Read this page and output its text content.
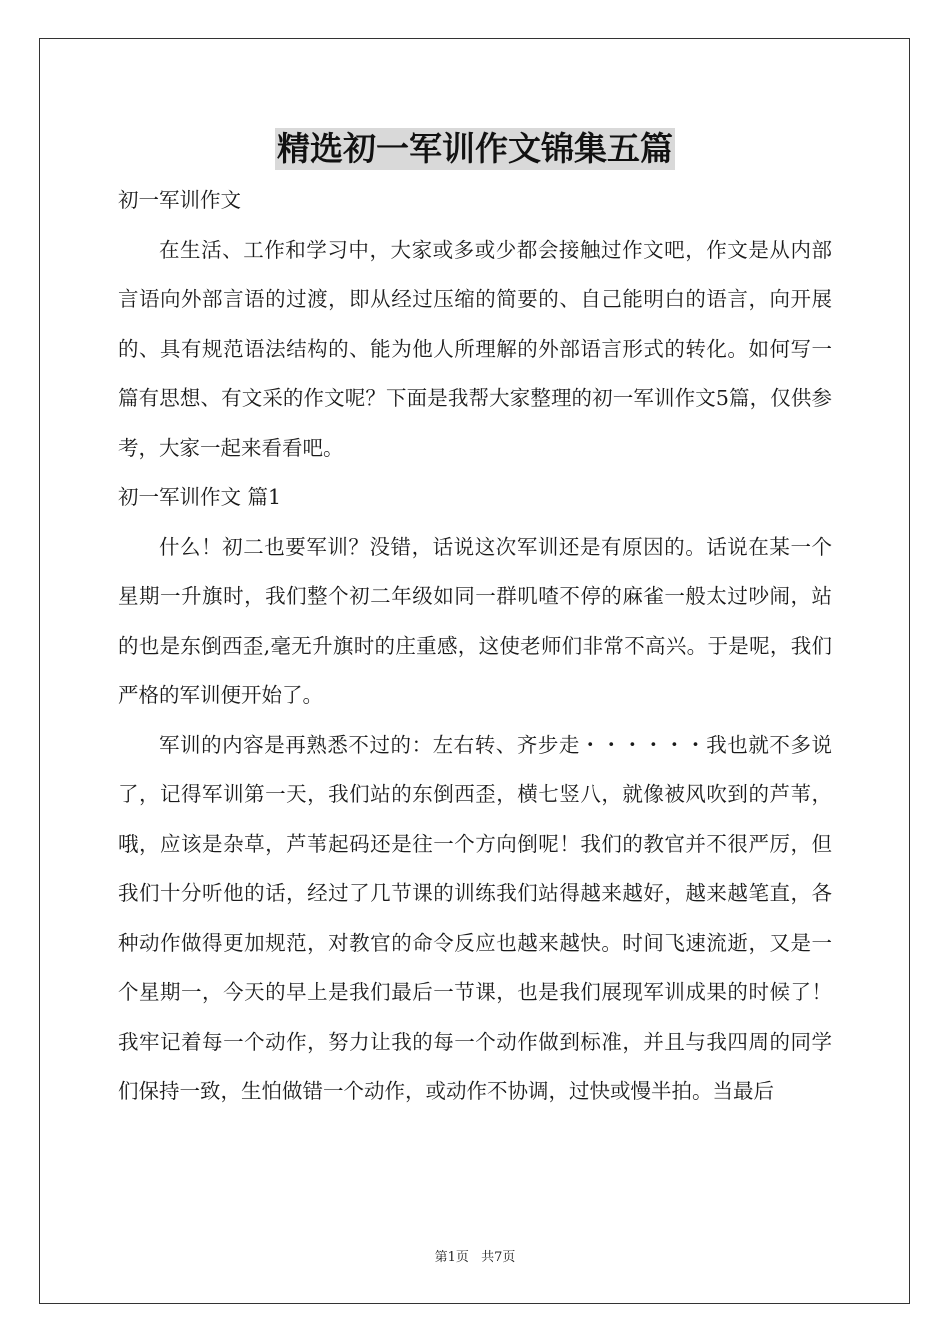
精选初一军训作文锦集五篇

初一军训作文

在生活、工作和学习中，大家或多或少都会接触过作文吧，作文是从内部言语向外部言语的过渡，即从经过压缩的简要的、自己能明白的语言，向开展的、具有规范语法结构的、能为他人所理解的外部语言形式的转化。如何写一篇有思想、有文采的作文呢？下面是我帮大家整理的初一军训作文5篇，仅供参考，大家一起来看看吧。

初一军训作文 篇1

什么！初二也要军训？没错，话说这次军训还是有原因的。话说在某一个星期一升旗时，我们整个初二年级如同一群叽喳不停的麻雀一般太过吵闹，站的也是东倒西歪,毫无升旗时的庄重感，这使老师们非常不高兴。于是呢，我们严格的军训便开始了。

军训的内容是再熟悉不过的：左右转、齐步走・・・・・・我也就不多说了，记得军训第一天，我们站的东倒西歪，横七竖八，就像被风吹到的芦苇，哦，应该是杂草，芦苇起码还是往一个方向倒呢！我们的教官并不很严厉，但我们十分听他的话，经过了几节课的训练我们站得越来越好，越来越笔直，各种动作做得更加规范，对教官的命令反应也越来越快。时间飞速流逝，又是一个星期一，今天的早上是我们最后一节课，也是我们展现军训成果的时候了！我牢记着每一个动作，努力让我的每一个动作做到标准，并且与我四周的同学们保持一致，生怕做错一个动作，或动作不协调，过快或慢半拍。当最后

第1页 共7页
